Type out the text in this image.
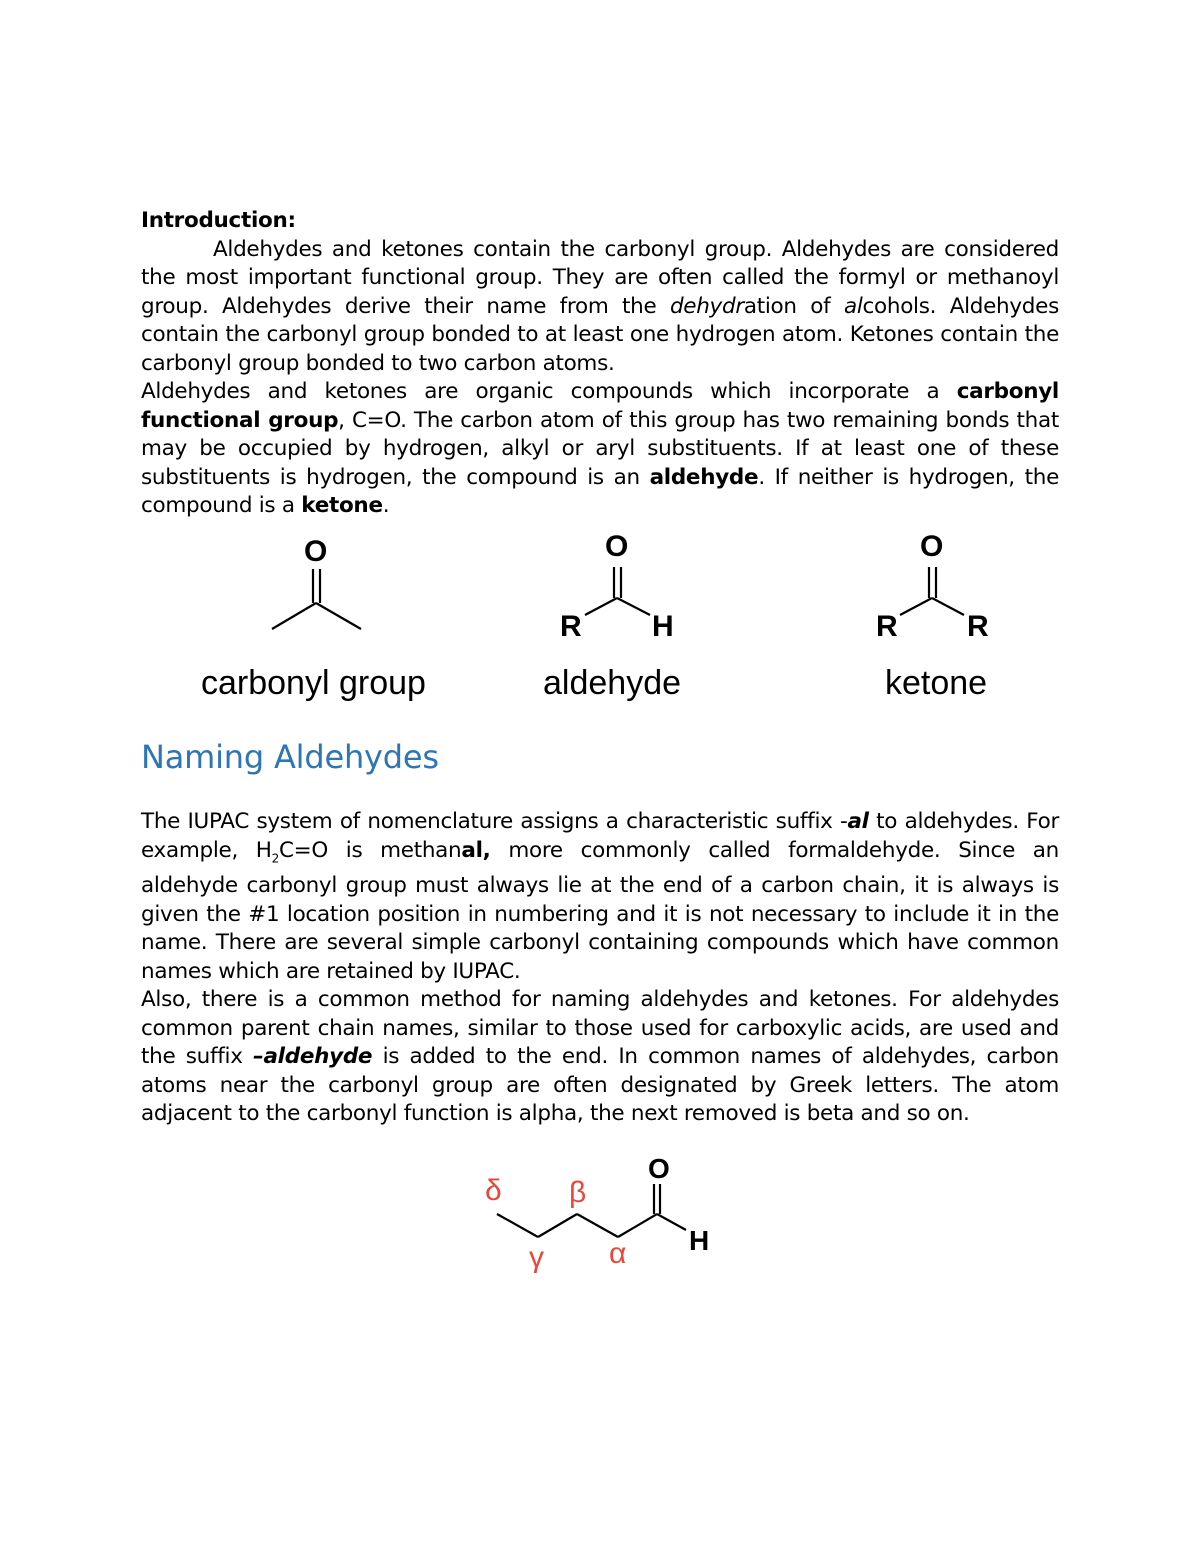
Introduction:

Aldehydes and ketones contain the carbonyl group. Aldehydes are considered the most important functional group. They are often called the formyl or methanoyl group. Aldehydes derive their name from the dehydration of alcohols. Aldehydes contain the carbonyl group bonded to at least one hydrogen atom. Ketones contain the carbonyl group bonded to two carbon atoms.

Aldehydes and ketones are organic compounds which incorporate a carbonyl functional group, C=O. The carbon atom of this group has two remaining bonds that may be occupied by hydrogen, alkyl or aryl substituents. If at least one of these substituents is hydrogen, the compound is an aldehyde. If neither is hydrogen, the compound is a ketone.

O	O
R H
O
R R
carbonyl group	aldehyde	ketone
Naming Aldehydes

The IUPAC system of nomenclature assigns a characteristic suffix -al to aldehydes. For example, $H_2C=O$ is methanal, more commonly called formaldehyde. Since an aldehyde carbonyl group must always lie at the end of a carbon chain, it is always is given the #1 location position in numbering and it is not necessary to include it in the name. There are several simple carbonyl containing compounds which have common names which are retained by IUPAC.

Also, there is a common method for naming aldehydes and ketones. For aldehydes common parent chain names, similar to those used for carboxylic acids, are used and the suffix –aldehyde is added to the end. In common names of aldehydes, carbon atoms near the carbonyl group are often designated by Greek letters. The atom adjacent to the carbonyl function is alpha, the next removed is beta and so on.

O
H
δ β
γ α
